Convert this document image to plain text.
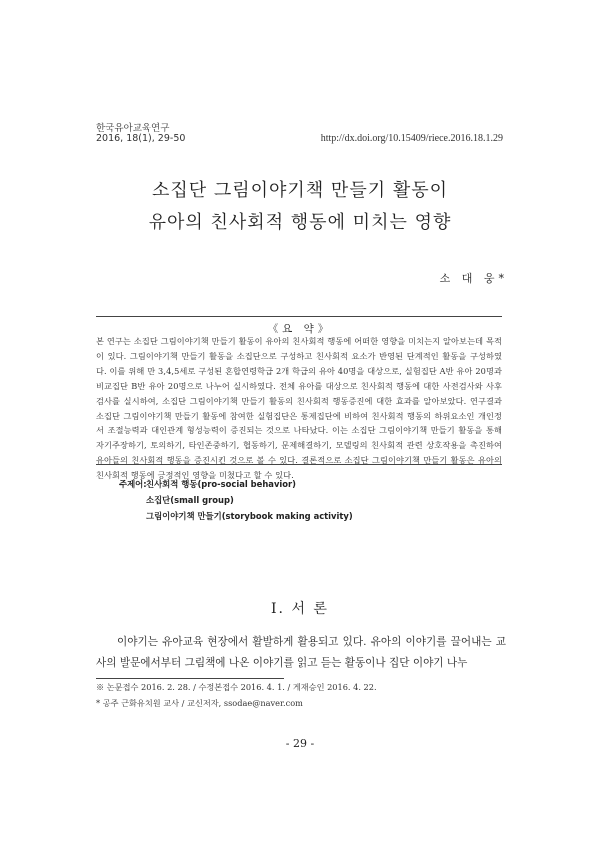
한국유아교육연구
2016, 18(1), 29-50	http://dx.doi.org/10.15409/riece.2016.18.1.29
소집단 그림이야기책 만들기 활동이
유아의 친사회적 행동에 미치는 영향
소 대 웅*
《요 약》
본 연구는 소집단 그림이야기책 만들기 활동이 유아의 친사회적 행동에 어떠한 영향을 미치는지 알아보는데 목적이 있다. 그림이야기책 만들기 활동을 소집단으로 구성하고 친사회적 요소가 반영된 단계적인 활동을 구성하였다. 이를 위해 만 3,4,5세로 구성된 혼합연령학급 2개 학급의 유아 40명을 대상으로, 실험집단 A반 유아 20명과 비교집단 B반 유아 20명으로 나누어 실시하였다. 전체 유아를 대상으로 친사회적 행동에 대한 사전검사와 사후검사를 실시하여, 소집단 그림이야기책 만들기 활동의 친사회적 행동증진에 대한 효과를 알아보았다. 연구결과 소집단 그림이야기책 만들기 활동에 참여한 실험집단은 통제집단에 비하여 친사회적 행동의 하위요소인 개인정서 조절능력과 대인관계 형성능력이 증진되는 것으로 나타났다. 이는 소집단 그림이야기책 만들기 활동을 통해 자기주장하기, 토의하기, 타인존중하기, 협동하기, 문제해결하기, 모델링의 친사회적 관련 상호작용을 촉진하여 유아들의 친사회적 행동을 증진시킨 것으로 볼 수 있다. 결론적으로 소집단 그림이야기책 만들기 활동은 유아의 친사회적 행동에 긍정적인 영향을 미쳤다고 할 수 있다.
주제어: 친사회적 행동(pro-social behavior)
소집단(small group)
그림이야기책 만들기(storybook making activity)
I. 서 론
이야기는 유아교육 현장에서 활발하게 활용되고 있다. 유아의 이야기를 끌어내는 교사의 발문에서부터 그림책에 나온 이야기를 읽고 듣는 활동이나 집단 이야기 나누
※ 논문접수 2016. 2. 28. / 수정본접수 2016. 4. 1. / 게재승인 2016. 4. 22.
* 공주 근화유치원 교사 / 교신저자, ssodae@naver.com
- 29 -
